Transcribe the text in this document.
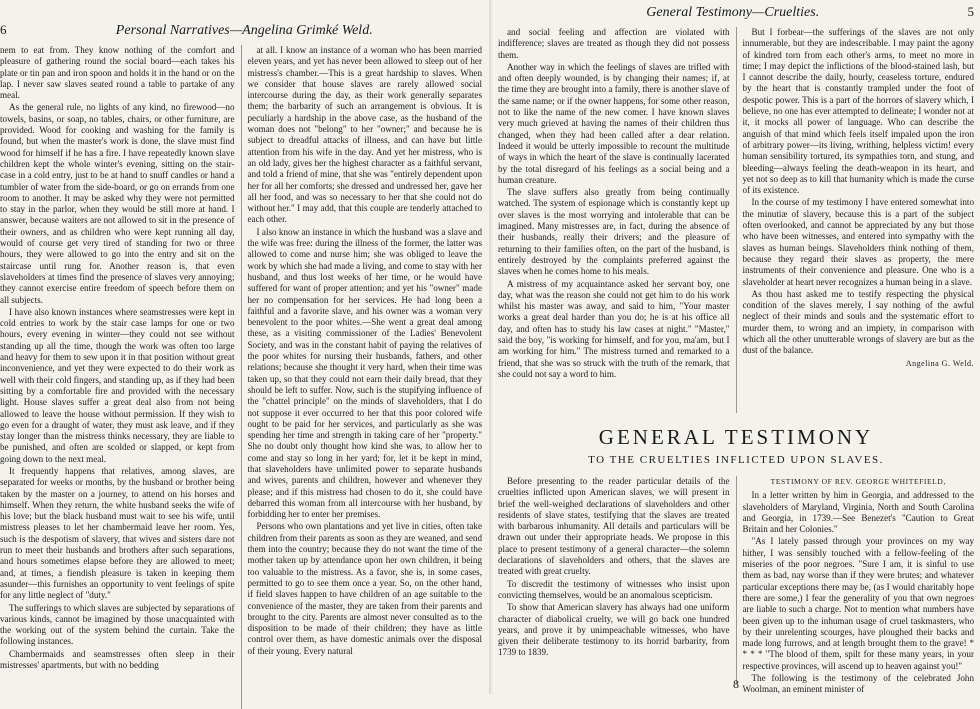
6	Personal Narratives—Angelina Grimké Weld.

nem to eat from. They know nothing of the comfort and pleasure of gathering round the social board—each takes his plate or tin pan and iron spoon and holds it in the hand or on the lap. I never saw slaves seated round a table to partake of any meal.

As the general rule, no lights of any kind, no firewood—no towels, basins, or soap, no tables, chairs, or other furniture, are provided. Wood for cooking and washing for the family is found, but when the master's work is done, the slave must find wood for himself if he has a fire. I have repeatedly known slave children kept the whole winter's evening, sitting on the stair-case in a cold entry, just to be at hand to snuff candles or hand a tumbler of water from the side-board, or go on errands from one room to another. It may be asked why they were not permitted to stay in the parlor, when they would be still more at hand. I answer, because waiters are not allowed to sit in the presence of their owners, and as children who were kept running all day, would of course get very tired of standing for two or three hours, they were allowed to go into the entry and sit on the staircase until rung for. Another reason is, that even slaveholders at times find the presence of slaves very annoying; they cannot exercise entire freedom of speech before them on all subjects.

I have also known instances where seamstresses were kept in cold entries to work by the stair case lamps for one or two hours, every evening in winter—they could not see without standing up all the time, though the work was often too large and heavy for them to sew upon it in that position without great inconvenience, and yet they were expected to do their work as well with their cold fingers, and standing up, as if they had been sitting by a comfortable fire and provided with the necessary light. House slaves suffer a great deal also from not being allowed to leave the house without permission. If they wish to go even for a draught of water, they must ask leave, and if they stay longer than the mistress thinks necessary, they are liable to be punished, and often are scolded or slapped, or kept from going down to the next meal.

It frequently happens that relatives, among slaves, are separated for weeks or months, by the husband or brother being taken by the master on a journey, to attend on his horses and himself. When they return, the white husband seeks the wife of his love; but the black husband must wait to see his wife, until mistress pleases to let her chambermaid leave her room. Yes, such is the despotism of slavery, that wives and sisters dare not run to meet their husbands and brothers after such separations, and hours sometimes elapse before they are allowed to meet; and, at times, a fiendish pleasure is taken in keeping them asunder—this furnishes an opportunity to vent feelings of spite for any little neglect of "duty."

The sufferings to which slaves are subjected by separations of various kinds, cannot be imagined by those unacquainted with the working out of the system behind the curtain. Take the following instances.

Chambermaids and seamstresses often sleep in their mistresses' apartments, but with no bedding

at all. I know an instance of a woman who has been married eleven years, and yet has never been allowed to sleep out of her mistress's chamber.—This is a great hardship to slaves. When we consider that house slaves are rarely allowed social intercourse during the day, as their work generally separates them; the barbarity of such an arrangement is obvious. It is peculiarly a hardship in the above case, as the husband of the woman does not "belong" to her "owner;" and because he is subject to dreadful attacks of illness, and can have but little attention from his wife in the day. And yet her mistress, who is an old lady, gives her the highest character as a faithful servant, and told a friend of mine, that she was "entirely dependent upon her for all her comforts; she dressed and undressed her, gave her all her food, and was so necessary to her that she could not do without her." I may add, that this couple are tenderly attached to each other.

I also know an instance in which the husband was a slave and the wife was free: during the illness of the former, the latter was allowed to come and nurse him; she was obliged to leave the work by which she had made a living, and come to stay with her husband, and thus lost weeks of her time, or he would have suffered for want of proper attention; and yet his "owner" made her no compensation for her services. He had long been a faithful and a favorite slave, and his owner was a woman very benevolent to the poor whites.—She went a great deal among these, as a visiting commissioner of the Ladies' Benevolent Society, and was in the constant habit of paying the relatives of the poor whites for nursing their husbands, fathers, and other relations; because she thought it very hard, when their time was taken up, so that they could not earn their daily bread, that they should be left to suffer. Now, such is the stupifying influence of the "chattel principle" on the minds of slaveholders, that I do not suppose it ever occurred to her that this poor colored wife ought to be paid for her services, and particularly as she was spending her time and strength in taking care of her "property." She no doubt only thought how kind she was, to allow her to come and stay so long in her yard; for, let it be kept in mind, that slaveholders have unlimited power to separate husbands and wives, parents and children, however and whenever they please; and if this mistress had chosen to do it, she could have debarred this woman from all intercourse with her husband, by forbidding her to enter her premises.

Persons who own plantations and yet live in cities, often take children from their parents as soon as they are weaned, and send them into the country; because they do not want the time of the mother taken up by attendance upon her own children, it being too valuable to the mistress. As a favor, she is, in some cases, permitted to go to see them once a year. So, on the other hand, if field slaves happen to have children of an age suitable to the convenience of the master, they are taken from their parents and brought to the city. Parents are almost never consulted as to the disposition to be made of their children; they have as little control over them, as have domestic animals over the disposal of their young. Every natural

General Testimony—Cruelties.	5

and social feeling and affection are violated with indifference; slaves are treated as though they did not possess them.

Another way in which the feelings of slaves are trifled with and often deeply wounded, is by changing their names; if, at the time they are brought into a family, there is another slave of the same name; or if the owner happens, for some other reason, not to like the name of the new comer. I have known slaves very much grieved at having the names of their children thus changed, when they had been called after a dear relation. Indeed it would be utterly impossible to recount the multitude of ways in which the heart of the slave is continually lacerated by the total disregard of his feelings as a social being and a human creature.

The slave suffers also greatly from being continually watched. The system of espionage which is constantly kept up over slaves is the most worrying and intolerable that can be imagined. Many mistresses are, in fact, during the absence of their husbands, really their drivers; and the pleasure of returning to their families often, on the part of the husband, is entirely destroyed by the complaints preferred against the slaves when he comes home to his meals.

A mistress of my acquaintance asked her servant boy, one day, what was the reason she could not get him to do his work whilst his master was away, and said to him, "Your master works a great deal harder than you do; he is at his office all day, and often has to study his law cases at night." "Master," said the boy, "is working for himself, and for you, ma'am, but I am working for him." The mistress turned and remarked to a friend, that she was so struck with the truth of the remark, that she could not say a word to him.

But I forbear—the sufferings of the slaves are not only innumerable, but they are indescribable. I may paint the agony of kindred torn from each other's arms, to meet no more in time; I may depict the inflictions of the blood-stained lash, but I cannot describe the daily, hourly, ceaseless torture, endured by the heart that is constantly trampled under the foot of despotic power. This is a part of the horrors of slavery which, I believe, no one has ever attempted to delineate; I wonder not at it, it mocks all power of language. Who can describe the anguish of that mind which feels itself impaled upon the iron of arbitrary power—its living, writhing, helpless victim! every human sensibility tortured, its sympathies torn, and stung, and bleeding—always feeling the death-weapon in its heart, and yet not so deep as to kill that humanity which is made the curse of its existence.

In the course of my testimony I have entered somewhat into the minutiæ of slavery, because this is a part of the subject often overlooked, and cannot be appreciated by any but those who have been witnesses, and entered into sympathy with the slaves as human beings. Slaveholders think nothing of them, because they regard their slaves as property, the mere instruments of their convenience and pleasure. One who is a slaveholder at heart never recognizes a human being in a slave.

As thou hast asked me to testify respecting the physical condition of the slaves merely, I say nothing of the awful neglect of their minds and souls and the systematic effort to murder them, to wrong and an impiety, in comparison with which all the other unutterable wrongs of slavery are but as the dust of the balance.

Angelina G. Weld.

GENERAL TESTIMONY
TO THE CRUELTIES INFLICTED UPON SLAVES.

Before presenting to the reader particular details of the cruelties inflicted upon American slaves, we will present in brief the well-weighed declarations of slaveholders and other residents of slave states, testifying that the slaves are treated with barbarous inhumanity. All details and particulars will be drawn out under their appropriate heads. We propose in this place to present testimony of a general character—the solemn declarations of slaveholders and others, that the slaves are treated with great cruelty.

To discredit the testimony of witnesses who insist upon convicting themselves, would be an anomalous scepticism.

To show that American slavery has always had one uniform character of diabolical cruelty, we will go back one hundred years, and prove it by unimpeachable witnesses, who have given their deliberate testimony to its horrid barbarity, from 1739 to 1839.

TESTIMONY OF REV. GEORGE WHITEFIELD,

In a letter written by him in Georgia, and addressed to the slaveholders of Maryland, Virginia, North and South Carolina and Georgia, in 1739.—See Benezet's "Caution to Great Britain and her Colonies."

"As I lately passed through your provinces on my way hither, I was sensibly touched with a fellow-feeling of the miseries of the poor negroes. "Sure I am, it is sinful to use them as bad, nay worse than if they were brutes; and whatever particular exceptions there may be, (as I would charitably hope there are some,) I fear the generality of you that own negroes are liable to such a charge. Not to mention what numbers have been given up to the inhuman usage of cruel taskmasters, who by their unrelenting scourges, have ploughed their backs and made long furrows, and at length brought them to the grave! * * * * "The blood of them, spilt for these many years, in your respective provinces, will ascend up to heaven against you!"

The following is the testimony of the celebrated John Woolman, an eminent minister of

8
